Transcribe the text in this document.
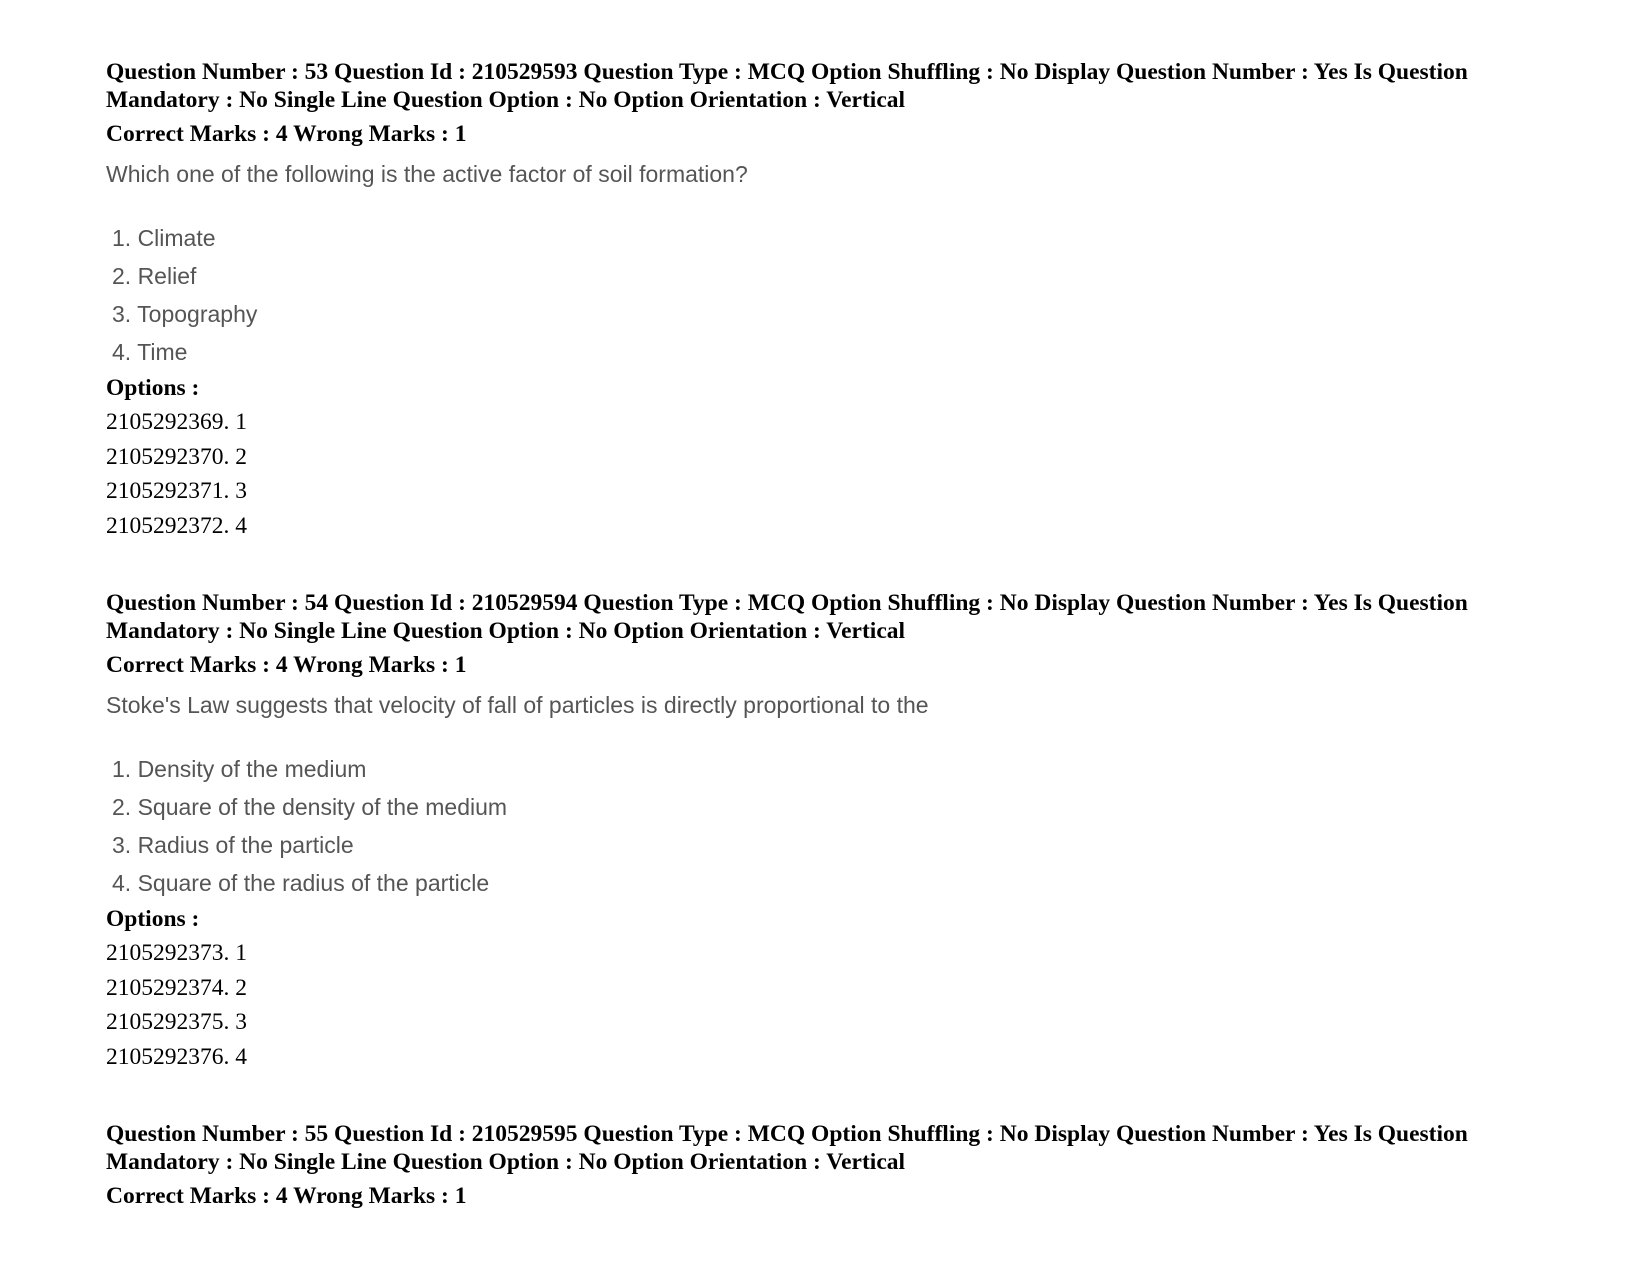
Question Number : 53 Question Id : 210529593 Question Type : MCQ Option Shuffling : No Display Question Number : Yes Is Question Mandatory : No Single Line Question Option : No Option Orientation : Vertical
Correct Marks : 4 Wrong Marks : 1
Which one of the following is the active factor of soil formation?
1. Climate
2. Relief
3. Topography
4. Time
Options :
2105292369. 1
2105292370. 2
2105292371. 3
2105292372. 4
Question Number : 54 Question Id : 210529594 Question Type : MCQ Option Shuffling : No Display Question Number : Yes Is Question Mandatory : No Single Line Question Option : No Option Orientation : Vertical
Correct Marks : 4 Wrong Marks : 1
Stoke's Law suggests that velocity of fall of particles is directly proportional to the
1. Density of the medium
2. Square of the density of the medium
3. Radius of the particle
4. Square of the radius of the particle
Options :
2105292373. 1
2105292374. 2
2105292375. 3
2105292376. 4
Question Number : 55 Question Id : 210529595 Question Type : MCQ Option Shuffling : No Display Question Number : Yes Is Question Mandatory : No Single Line Question Option : No Option Orientation : Vertical
Correct Marks : 4 Wrong Marks : 1
